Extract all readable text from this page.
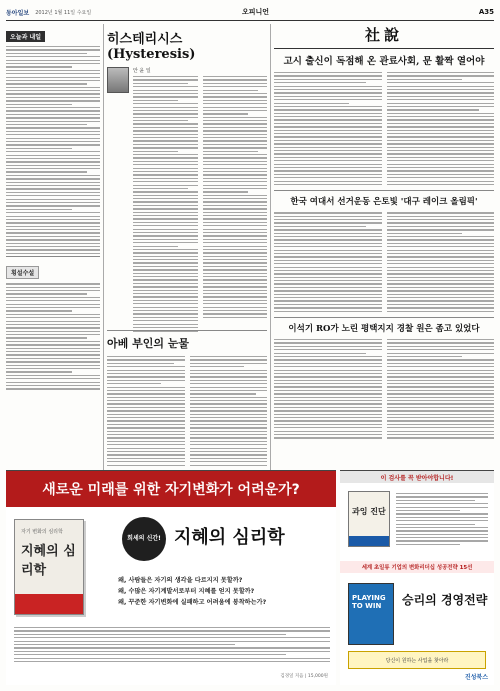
동아일보 2012년 1월 11일 수요일	오피니언	A35
오늘과 내일
횡설수설
히스테리시스(Hysteresis)
안 윤 일
아베 부인의 눈물
社說
고시 출신이 독점해 온 관료사회, 문 활짝 열어야
한국 여대서 선거운동 은토빛 '대구 레이크 올림픽'
이석기 RO가 노린 평택지지 경찰 원은 좀고 있었다
새로운 미래를 위한 자기변화가 어려운가?
자기 변화의 심리학
지혜의 심리학
희세의 신간! 지혜의 심리학
왜, 사람들은 자기의 생각을 다르지지 못할까?
왜, 수많은 자기계발서로부터 지혜를 얻지 못할까?
왜, 꾸준한 자기변화에 실패하고 어려움에 봉착하는가?
김경일 지음 | 15,000원
이 검사를 꼭 받아야합니다!
과잉 진단
세계 초일류 기업의 변화리더십 성공전략 15선
PLAYING TO WIN	승리의 경영전략
당신이 원하는 사업을 찾아라
진성북스
